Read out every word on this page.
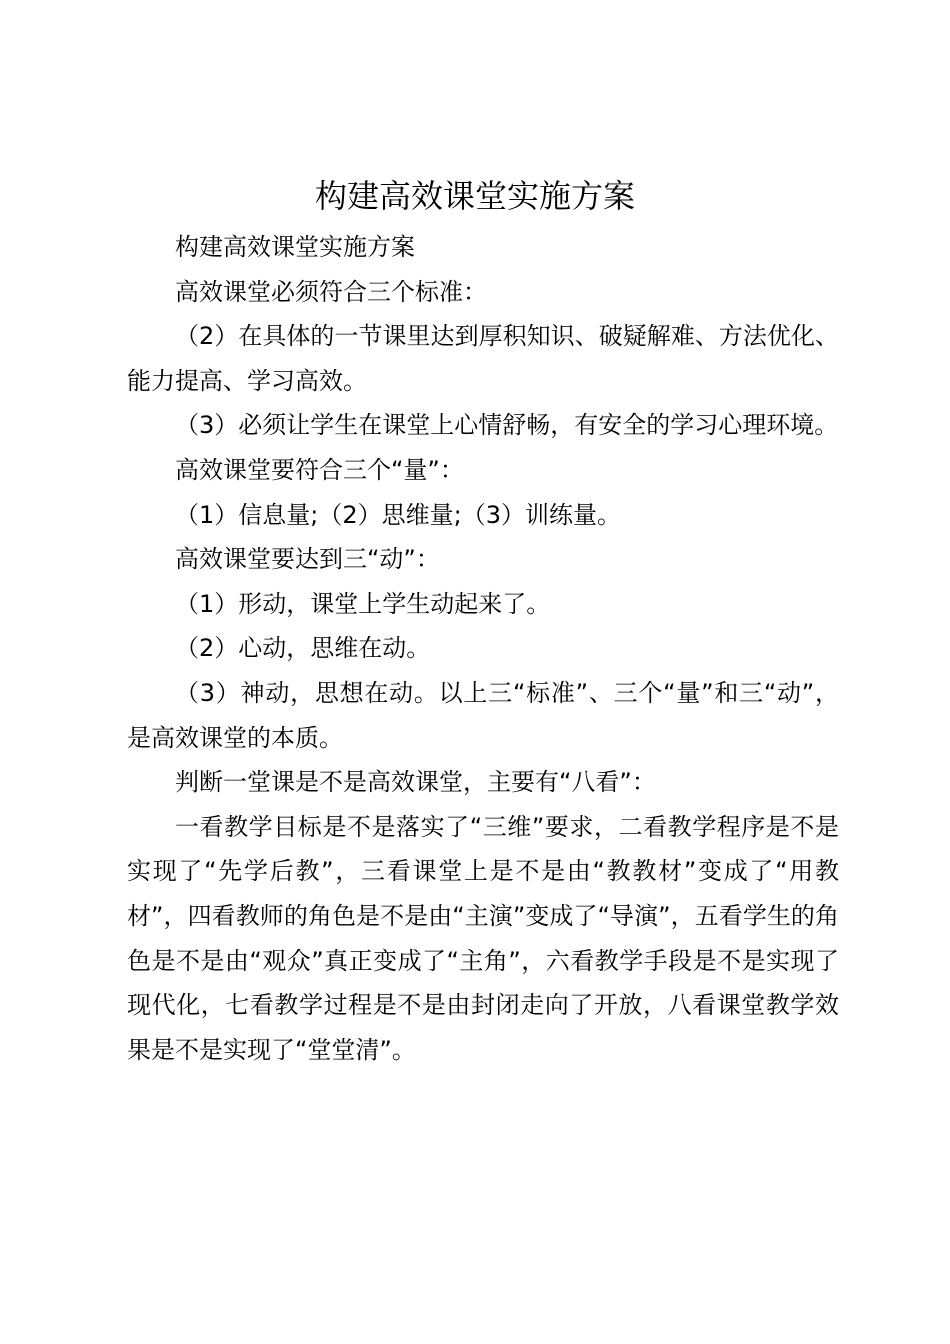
构建高效课堂实施方案

构建高效课堂实施方案

高效课堂必须符合三个标准：

（2）在具体的一节课里达到厚积知识、破疑解难、方法优化、能力提高、学习高效。

（3）必须让学生在课堂上心情舒畅，有安全的学习心理环境。

高效课堂要符合三个“量”：

（1）信息量;（2）思维量;（3）训练量。

高效课堂要达到三“动”：

（1）形动，课堂上学生动起来了。

（2）心动，思维在动。

（3）神动，思想在动。以上三“标准”、三个“量”和三“动”，是高效课堂的本质。

判断一堂课是不是高效课堂，主要有“八看”：

一看教学目标是不是落实了“三维”要求，二看教学程序是不是实现了“先学后教”，三看课堂上是不是由“教教材”变成了“用教材”，四看教师的角色是不是由“主演”变成了“导演”，五看学生的角色是不是由“观众”真正变成了“主角”，六看教学手段是不是实现了现代化，七看教学过程是不是由封闭走向了开放，八看课堂教学效果是不是实现了“堂堂清”。
